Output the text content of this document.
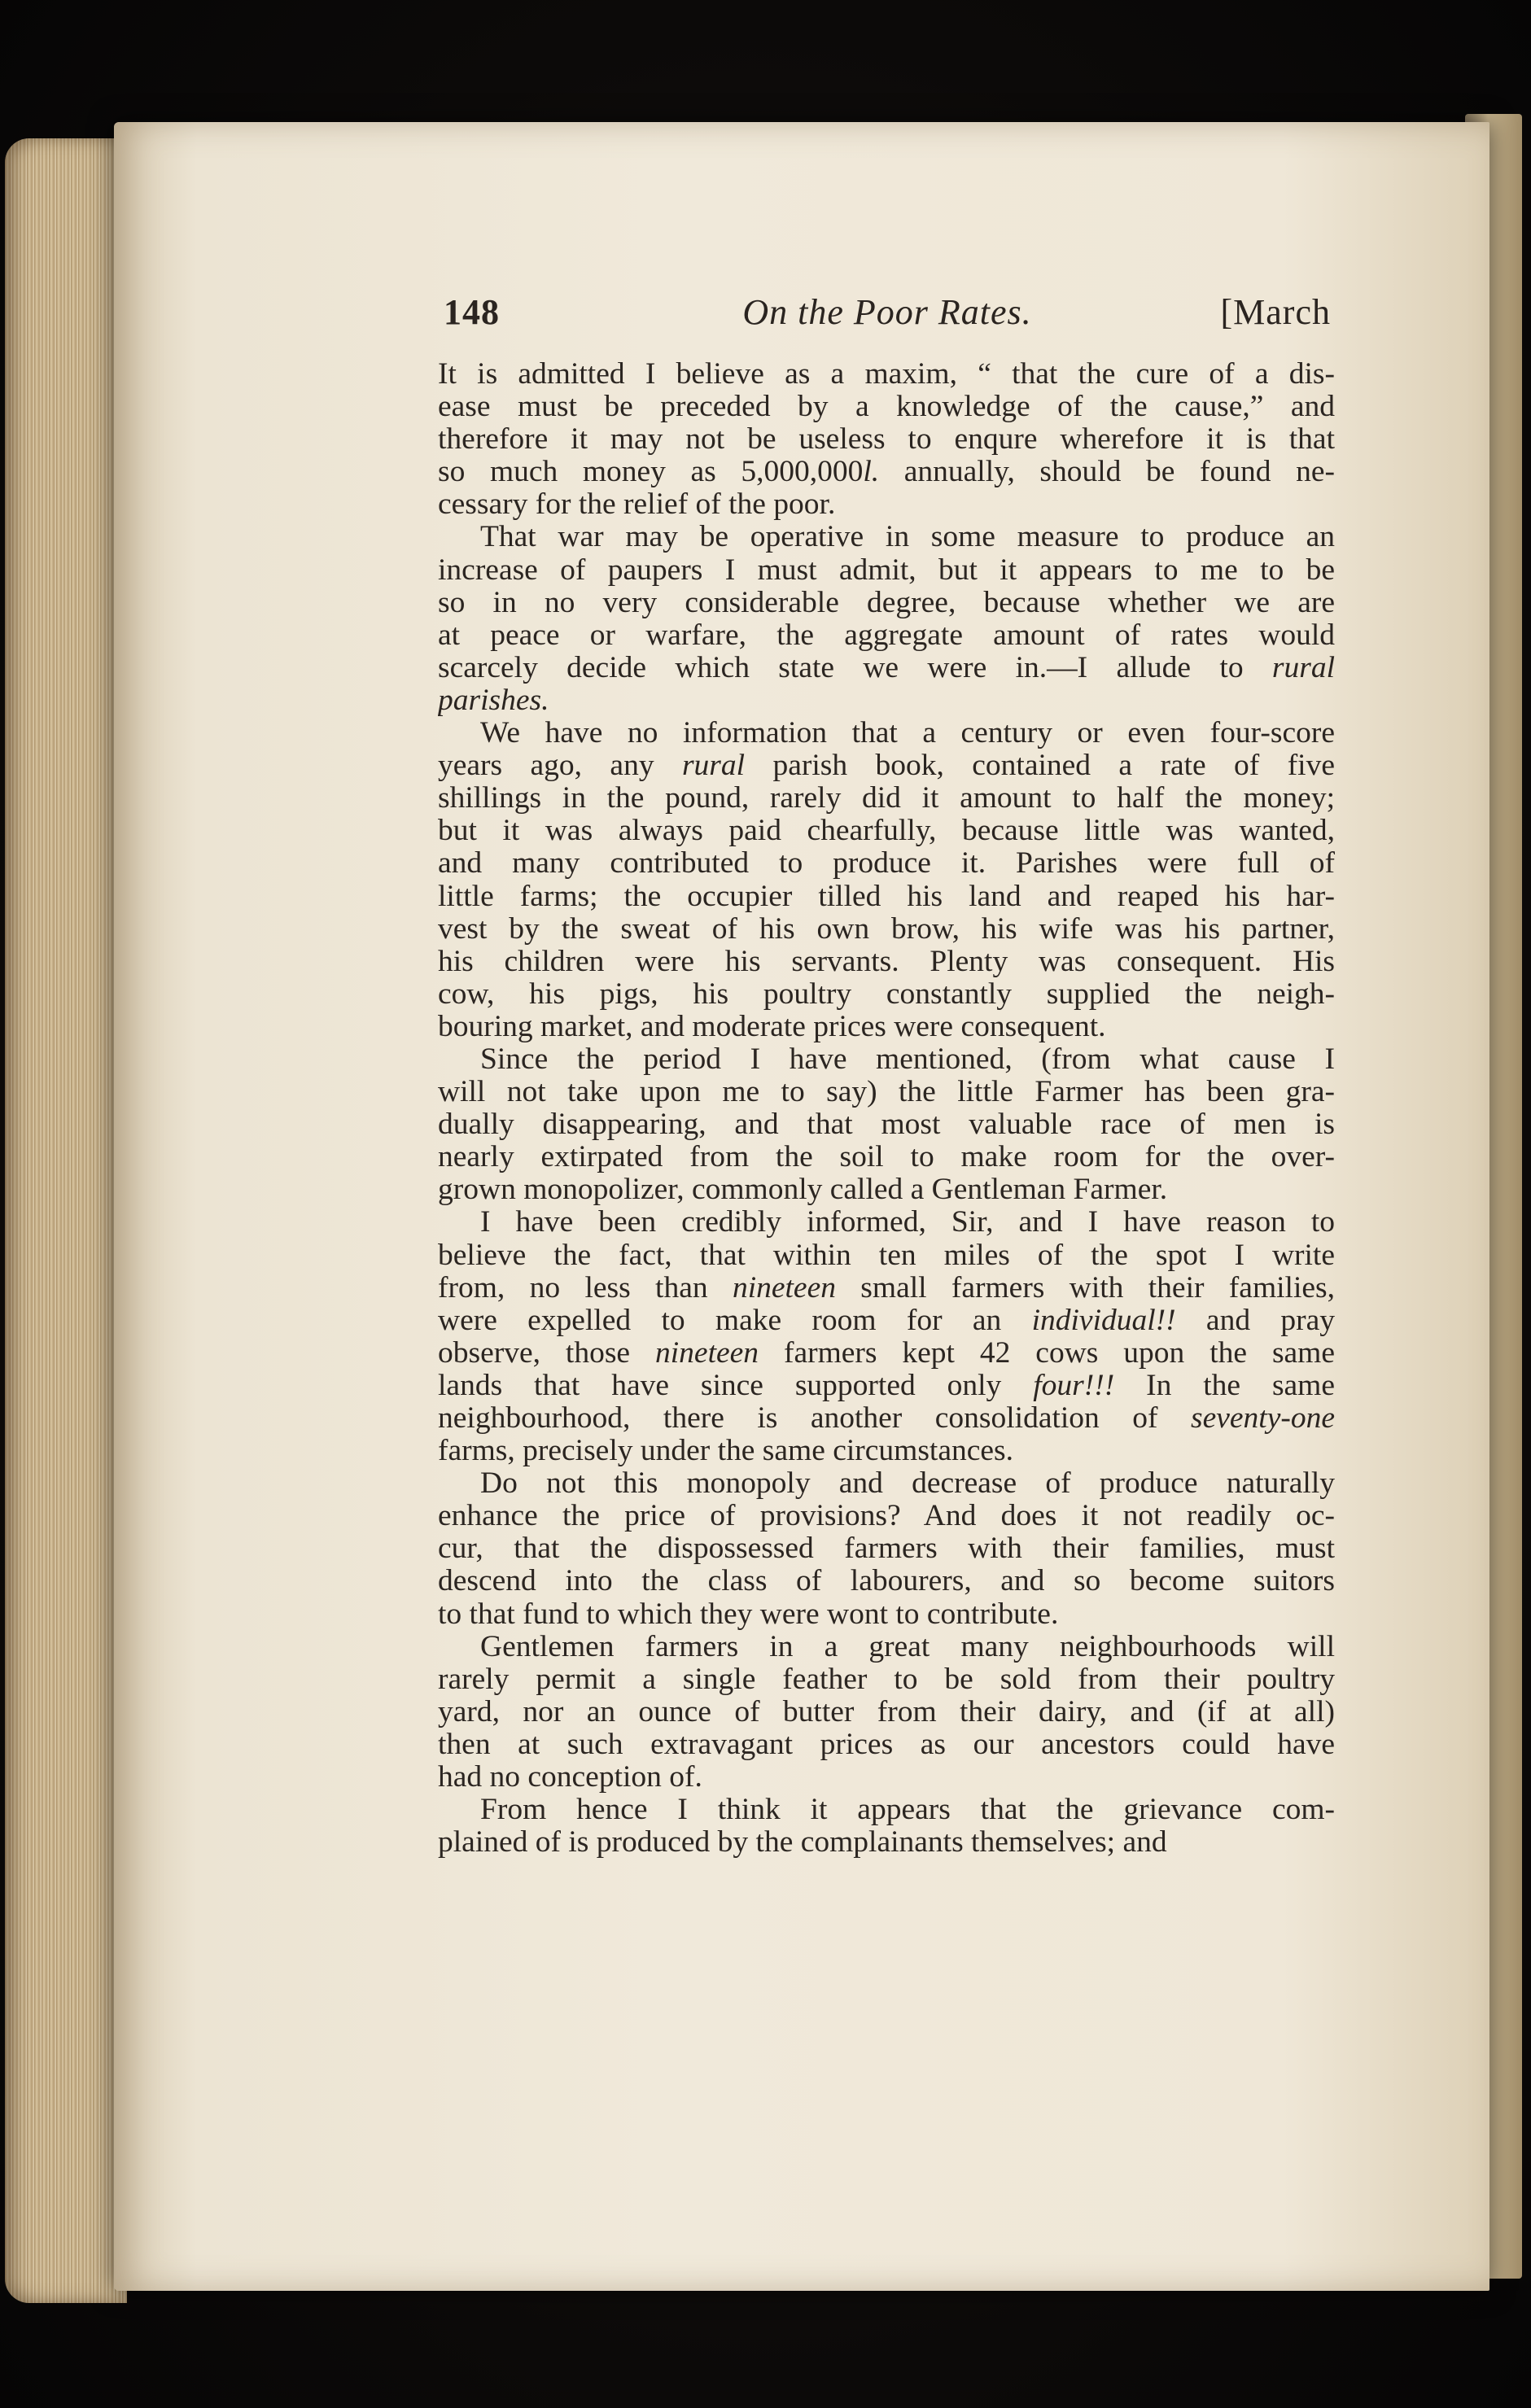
148	On the Poor Rates.	[March
It is admitted I believe as a maxim, “ that the cure of a dis-
ease must be preceded by a knowledge of the cause,” and
therefore it may not be useless to enqure wherefore it is that
so much money as 5,000,000l. annually, should be found ne-
cessary for the relief of the poor.
That war may be operative in some measure to produce an
increase of paupers I must admit, but it appears to me to be
so in no very considerable degree, because whether we are
at peace or warfare, the aggregate amount of rates would
scarcely decide which state we were in.—I allude to rural
parishes.
We have no information that a century or even four-score
years ago, any rural parish book, contained a rate of five
shillings in the pound, rarely did it amount to half the money;
but it was always paid chearfully, because little was wanted,
and many contributed to produce it. Parishes were full of
little farms; the occupier tilled his land and reaped his har-
vest by the sweat of his own brow, his wife was his partner,
his children were his servants. Plenty was consequent. His
cow, his pigs, his poultry constantly supplied the neigh-
bouring market, and moderate prices were consequent.
Since the period I have mentioned, (from what cause I
will not take upon me to say) the little Farmer has been gra-
dually disappearing, and that most valuable race of men is
nearly extirpated from the soil to make room for the over-
grown monopolizer, commonly called a Gentleman Farmer.
I have been credibly informed, Sir, and I have reason to
believe the fact, that within ten miles of the spot I write
from, no less than nineteen small farmers with their families,
were expelled to make room for an individual!! and pray
observe, those nineteen farmers kept 42 cows upon the same
lands that have since supported only four!!! In the same
neighbourhood, there is another consolidation of seventy-one
farms, precisely under the same circumstances.
Do not this monopoly and decrease of produce naturally
enhance the price of provisions? And does it not readily oc-
cur, that the dispossessed farmers with their families, must
descend into the class of labourers, and so become suitors
to that fund to which they were wont to contribute.
Gentlemen farmers in a great many neighbourhoods will
rarely permit a single feather to be sold from their poultry
yard, nor an ounce of butter from their dairy, and (if at all)
then at such extravagant prices as our ancestors could have
had no conception of.
From hence I think it appears that the grievance com-
plained of is produced by the complainants themselves; and
